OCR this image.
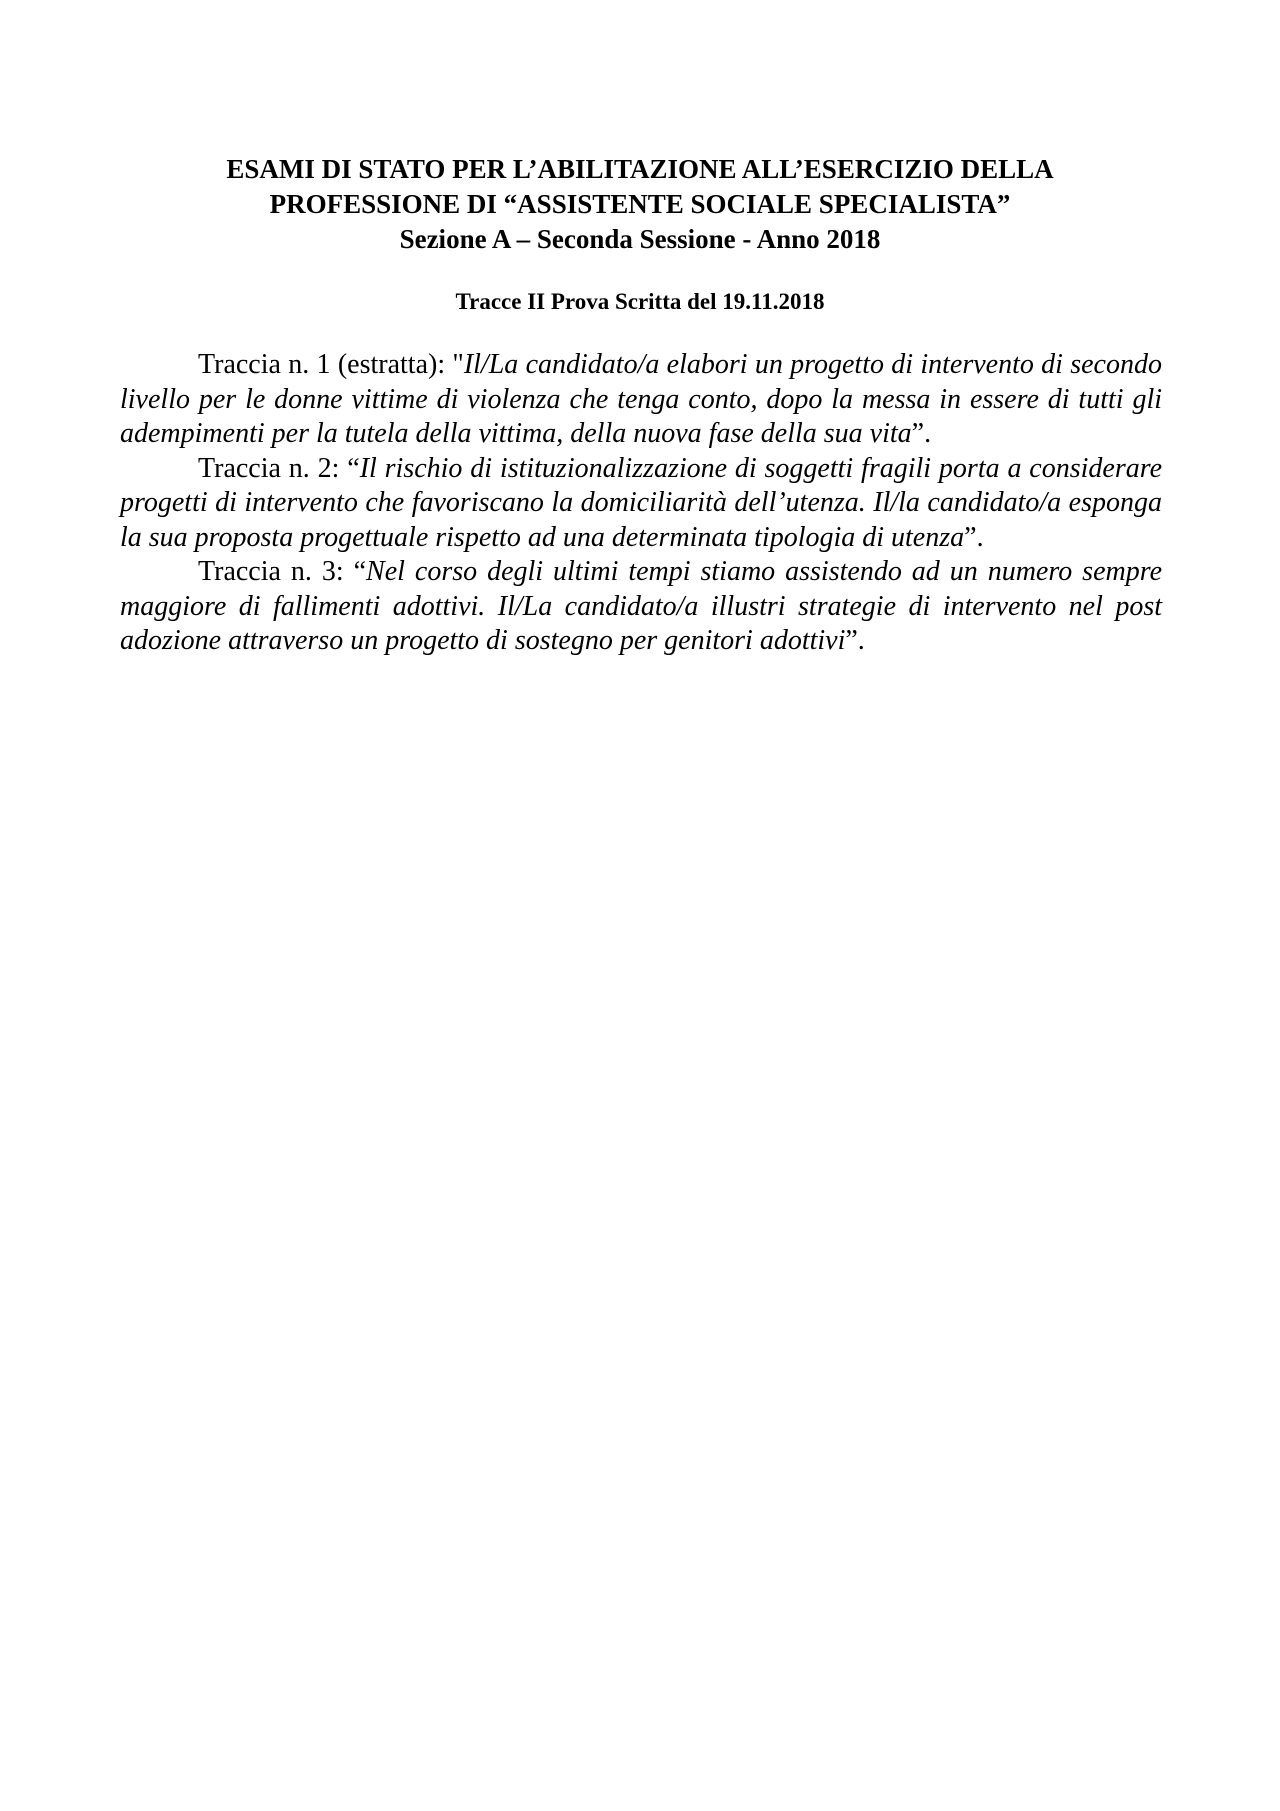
ESAMI DI STATO PER L’ABILITAZIONE ALL’ESERCIZIO DELLA
PROFESSIONE DI “ASSISTENTE SOCIALE SPECIALISTA”
Sezione A – Seconda Sessione - Anno 2018
Tracce II Prova Scritta del 19.11.2018

Traccia n. 1 (estratta): "Il/La candidato/a elabori un progetto di intervento di secondo livello per le donne vittime di violenza che tenga conto, dopo la messa in essere di tutti gli adempimenti per la tutela della vittima, della nuova fase della sua vita”.

Traccia n. 2: “Il rischio di istituzionalizzazione di soggetti fragili porta a considerare progetti di intervento che favoriscano la domiciliarità dell’utenza. Il/la candidato/a esponga la sua proposta progettuale rispetto ad una determinata tipologia di utenza”.

Traccia n. 3: “Nel corso degli ultimi tempi stiamo assistendo ad un numero sempre maggiore di fallimenti adottivi. Il/La candidato/a illustri strategie di intervento nel post adozione attraverso un progetto di sostegno per genitori adottivi”.
